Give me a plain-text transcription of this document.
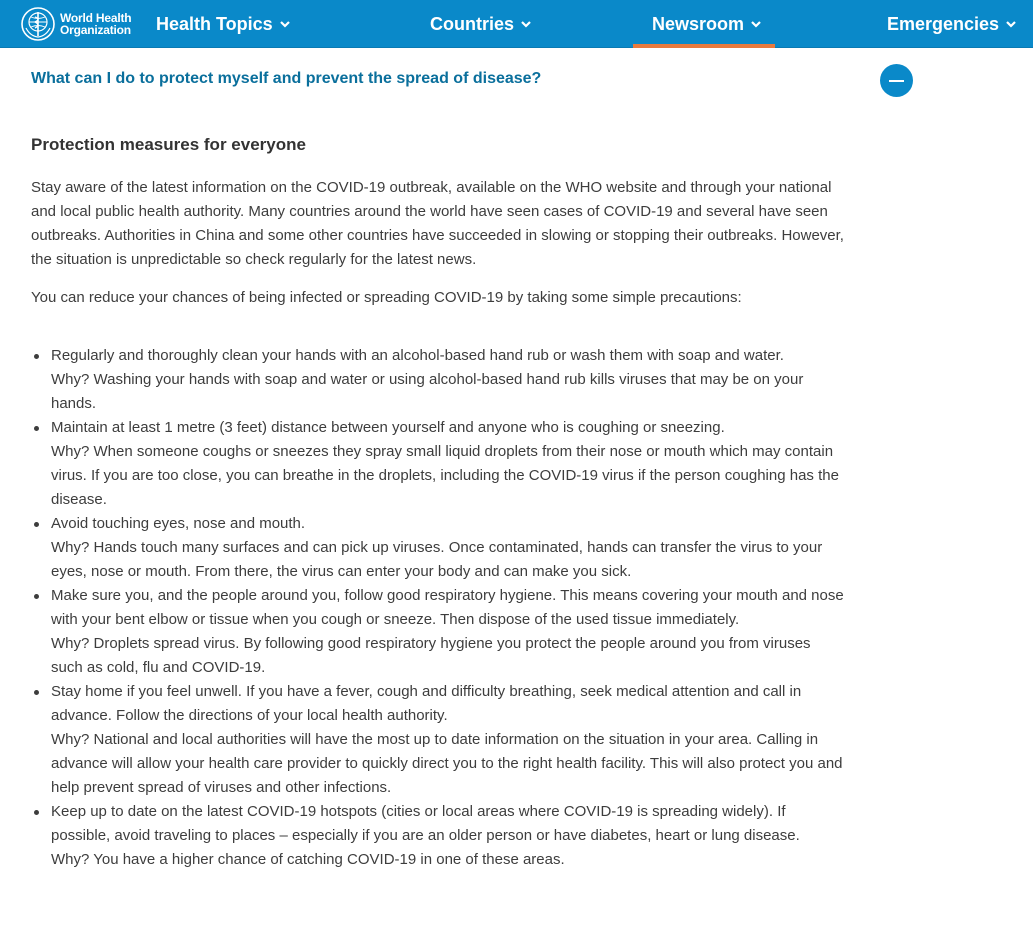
World Health
Organization Health Topics	Countries	Newsroom	Emergencies
What can I do to protect myself and prevent the spread of disease?
Protection measures for everyone

Stay aware of the latest information on the COVID-19 outbreak, available on the WHO website and through your national and local public health authority. Many countries around the world have seen cases of COVID-19 and several have seen outbreaks. Authorities in China and some other countries have succeeded in slowing or stopping their outbreaks. However, the situation is unpredictable so check regularly for the latest news.

You can reduce your chances of being infected or spreading COVID-19 by taking some simple precautions:

Regularly and thoroughly clean your hands with an alcohol-based hand rub or wash them with soap and water.
Why? Washing your hands with soap and water or using alcohol-based hand rub kills viruses that may be on your hands.
Maintain at least 1 metre (3 feet) distance between yourself and anyone who is coughing or sneezing.
Why? When someone coughs or sneezes they spray small liquid droplets from their nose or mouth which may contain virus. If you are too close, you can breathe in the droplets, including the COVID-19 virus if the person coughing has the disease.
Avoid touching eyes, nose and mouth.
Why? Hands touch many surfaces and can pick up viruses. Once contaminated, hands can transfer the virus to your eyes, nose or mouth. From there, the virus can enter your body and can make you sick.
Make sure you, and the people around you, follow good respiratory hygiene. This means covering your mouth and nose with your bent elbow or tissue when you cough or sneeze. Then dispose of the used tissue immediately.
Why? Droplets spread virus. By following good respiratory hygiene you protect the people around you from viruses such as cold, flu and COVID-19.
Stay home if you feel unwell. If you have a fever, cough and difficulty breathing, seek medical attention and call in advance. Follow the directions of your local health authority.
Why? National and local authorities will have the most up to date information on the situation in your area. Calling in advance will allow your health care provider to quickly direct you to the right health facility. This will also protect you and help prevent spread of viruses and other infections.
Keep up to date on the latest COVID-19 hotspots (cities or local areas where COVID-19 is spreading widely). If possible, avoid traveling to places – especially if you are an older person or have diabetes, heart or lung disease.
Why? You have a higher chance of catching COVID-19 in one of these areas.
